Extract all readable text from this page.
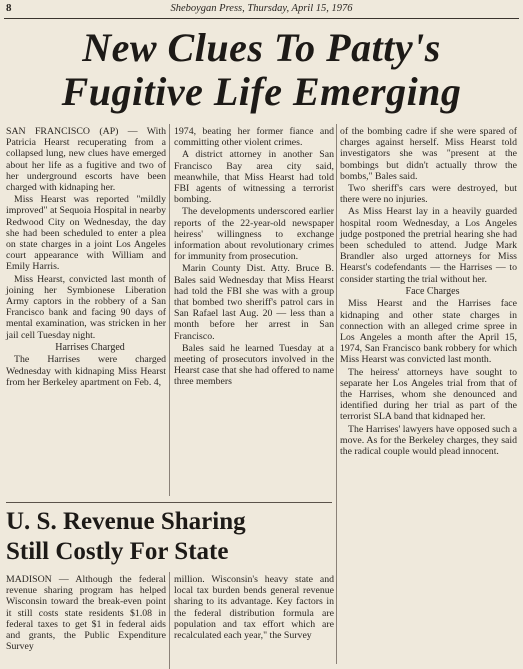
8	Sheboygan Press, Thursday, April 15, 1976
New Clues To Patty's
Fugitive Life Emerging

SAN FRANCISCO (AP) — With Patricia Hearst recuperating from a collapsed lung, new clues have emerged about her life as a fugitive and two of her underground escorts have been charged with kidnaping her.

Miss Hearst was reported "mildly improved" at Sequoia Hospital in nearby Redwood City on Wednesday, the day she had been scheduled to enter a plea on state charges in a joint Los Angeles court appearance with William and Emily Harris.

Miss Hearst, convicted last month of joining her Symbionese Liberation Army captors in the robbery of a San Francisco bank and facing 90 days of mental examination, was stricken in her jail cell Tuesday night.

Harrises Charged

The Harrises were charged Wednesday with kidnaping Miss Hearst from her Berkeley apartment on Feb. 4,

1974, beating her former fiance and committing other violent crimes.

A district attorney in another San Francisco Bay area city said, meanwhile, that Miss Hearst had told FBI agents of witnessing a terrorist bombing.

The developments underscored earlier reports of the 22-year-old newspaper heiress' willingness to exchange information about revolutionary crimes for immunity from prosecution.

Marin County Dist. Atty. Bruce B. Bales said Wednesday that Miss Hearst had told the FBI she was with a group that bombed two sheriff's patrol cars in San Rafael last Aug. 20 — less than a month before her arrest in San Francisco.

Bales said he learned Tuesday at a meeting of prosecutors involved in the Hearst case that she had offered to name three members

of the bombing cadre if she were spared of charges against herself. Miss Hearst told investigators she was "present at the bombings but didn't actually throw the bombs," Bales said.

Two sheriff's cars were destroyed, but there were no injuries.

As Miss Hearst lay in a heavily guarded hospital room Wednesday, a Los Angeles judge postponed the pretrial hearing she had been scheduled to attend. Judge Mark Brandler also urged attorneys for Miss Hearst's codefendants — the Harrises — to consider starting the trial without her.

Face Charges

Miss Hearst and the Harrises face kidnaping and other state charges in connection with an alleged crime spree in Los Angeles a month after the April 15, 1974, San Francisco bank robbery for which Miss Hearst was convicted last month.

The heiress' attorneys have sought to separate her Los Angeles trial from that of the Harrises, whom she denounced and identified during her trial as part of the terrorist SLA band that kidnaped her.

The Harrises' lawyers have opposed such a move. As for the Berkeley charges, they said the radical couple would plead innocent.

U. S. Revenue Sharing
Still Costly For State

MADISON — Although the federal revenue sharing program has helped Wisconsin toward the break-even point it still costs state residents $1.08 in federal taxes to get $1 in federal aids and grants, the Public Expenditure Survey

million. Wisconsin's heavy state and local tax burden bends general revenue sharing to its advantage. Key factors in the federal distribution formula are population and tax effort which are recalculated each year," the Survey
